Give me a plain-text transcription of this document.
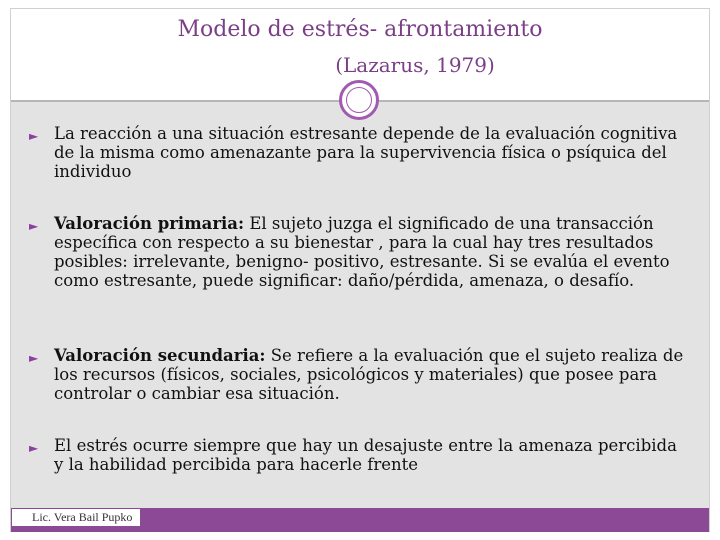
Modelo de estrés- afrontamiento
(Lazarus, 1979)
► La reacción a una situación estresante depende de la evaluación cognitiva de la misma como amenazante para la supervivencia física o psíquica del individuo
► Valoración primaria: El sujeto juzga el significado de una transacción específica con respecto a su bienestar , para la cual hay tres resultados posibles: irrelevante, benigno- positivo, estresante. Si se evalúa el evento como estresante, puede significar: daño/pérdida, amenaza, o desafío.
► Valoración secundaria: Se refiere a la evaluación que el sujeto realiza de los recursos (físicos, sociales, psicológicos y materiales) que posee para controlar o cambiar esa situación.
► El estrés ocurre siempre que hay un desajuste entre la amenaza percibida y la habilidad percibida para hacerle frente
Lic. Vera Bail Pupko
